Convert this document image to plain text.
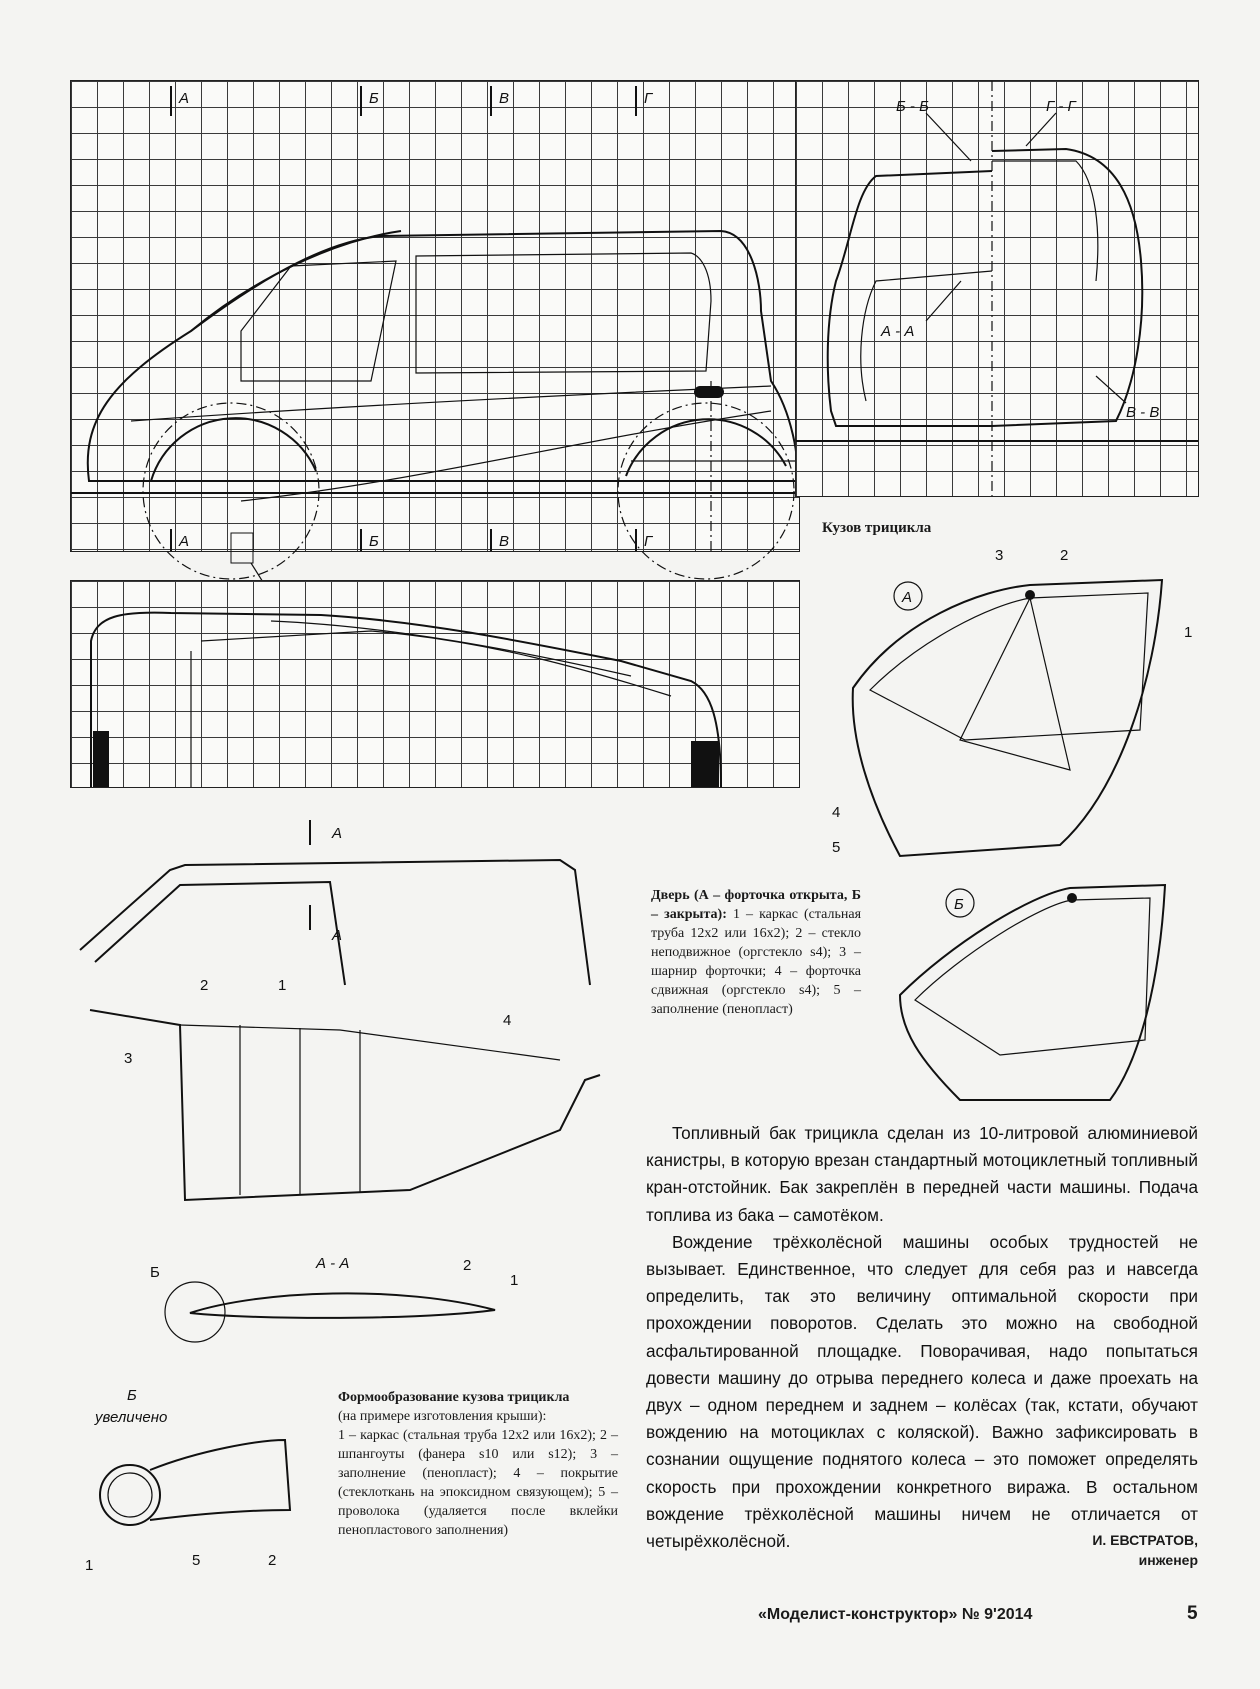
А	Б	В	Г
А	Б	В	Г
Б - Б	Г - Г
А - А
В - В
Кузов трицикла
А
А
2	1
4
3
А - А
Б	2
1
Б
увеличено
1	5	2
А
3	2
1
4
5
Б
Дверь (А – форточка открыта, Б – закрыта): 1 – каркас (стальная труба 12х2 или 16х2); 2 – стекло неподвижное (оргстекло s4); 3 – шарнир форточки; 4 – форточка сдвижная (оргстекло s4); 5 – заполнение (пенопласт)
Формообразование кузова трицикла
(на примере изготовления крыши):
1 – каркас (стальная труба 12х2 или 16х2); 2 – шпангоуты (фанера s10 или s12); 3 – заполнение (пенопласт); 4 – покрытие (стеклоткань на эпоксидном связующем); 5 – проволока (удаляется после вклейки пенопластового заполнения)

Топливный бак трицикла сделан из 10-литровой алюминиевой канистры, в которую врезан стандартный мотоциклетный топливный кран-отстойник. Бак закреплён в передней части машины. Подача топлива из бака – самотёком.

Вождение трёхколёсной машины особых трудностей не вызывает. Единственное, что следует для себя раз и навсегда определить, так это величину оптимальной скорости при прохождении поворотов. Сделать это можно на свободной асфальтированной площадке. Поворачивая, надо попытаться довести машину до отрыва переднего колеса и даже проехать на двух – одном переднем и заднем – колёсах (так, кстати, обучают вождению на мотоциклах с коляской). Важно зафиксировать в сознании ощущение поднятого колеса – это поможет определять скорость при прохождении конкретного виража. В остальном вождение трёхколёсной машины ничем не отличается от четырёхколёсной.	И. ЕВСТРАТОВ,
инженер
«Моделист-конструктор» № 9'2014	5
